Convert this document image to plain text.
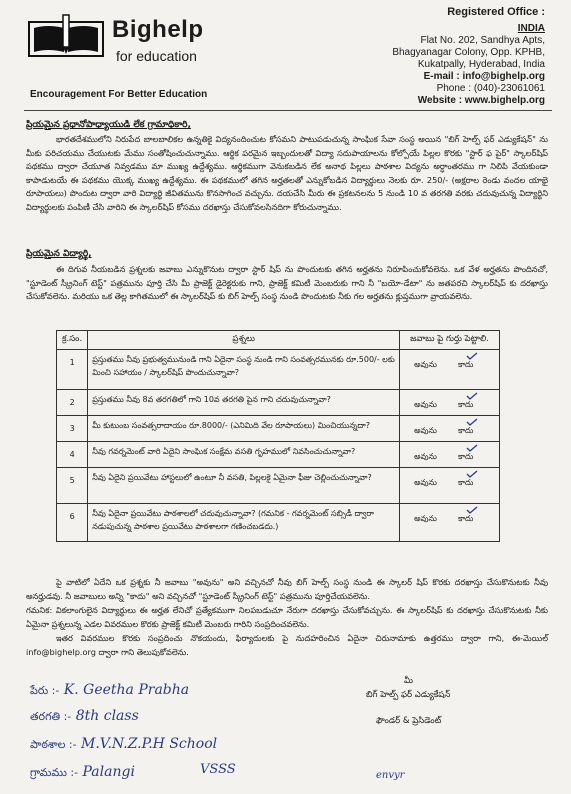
Bighelp
for education
Encouragement For Better Education
Registered Office :
INDIA
Flat No. 202, Sandhya Apts,
Bhagyanagar Colony, Opp. KPHB,
Kukatpally, Hyderabad, India
E-mail : info@bighelp.org
Phone : (040)-23061061
Website : www.bighelp.org
ప్రియమైన ప్రధానోపాధ్యాయుడి లేక గ్రామాధికారి,
భారతదేశములోని నిరుపేద బాలబాలికల ఉన్నతికై విద్యనందించుట కోసమని పాటుపడుచున్న సాంఘిక సేవా సంస్థ అయిన "బిగ్ హెల్ప్ ఫర్ ఎడ్యుకేషన్" ను మీకు పరిచయము చేయుటకు మేము సంతోషించుచున్నాము. ఆర్థిక పరమైన ఇబ్బందులతో విద్యా సదుపాయాలను కోల్పోయే పిల్లల కొరకు "స్టార్ ఫ పైర్" స్కాలర్‌షిప్ పథకము ద్వారా చేయూత నివ్వడము మా ముఖ్య ఉద్దేశ్యము. ఆర్థికముగా వెనుకబడిన లేక అనాథ పిల్లలు పాఠశాల విద్యను అర్ధాంతరము గా నిలిపి వేయకుండా కాపాడుటయే ఈ పథకము యొక్క ముఖ్య ఉద్దేశ్యము. ఈ పథకములో తగిన అర్హతలతో ఎన్నుకోబడిన విద్యార్థులు నెలకు రూ. 250/- (అక్షరాల రెండు వందల యాభై రూపాయలు) పొందుట ద్వారా వారి విద్యార్థి జీవితమును కొనసాగించ వచ్చును. దయచేసి మీరు ఈ ప్రకటనలను 5 నుండి 10 వ తరగతి వరకు చదువుచున్న విద్యార్థిని విద్యార్థులకు పంపిణీ చేసి వారిని ఈ స్కాలర్‌షిప్ కోసము దరఖాస్తు చేసుకోవలసినదిగా కోరుచున్నాము.
ప్రియమైన విద్యార్థి,
ఈ దిగువ నీయబడిన ప్రశ్నలకు జవాబు ఎన్నుకొనుట ద్వారా స్టార్ షిప్ ను పొందుటకు తగిన అర్హతను నిరూపించుకోవలెను. ఒక వేళ అర్హతను పొందినచో, "స్టూడెంట్ స్క్రీనింగ్ టెస్ట్" పత్రమును పూర్తి చేసి మీ ప్రాజెక్ట్ డైరెక్టరుకు గాని, ప్రాజెక్ట్ కమిటీ మెంబరుకు గాని నీ "బయో-డేటా" ను జతపరచి స్కాలర్‌షిప్ కు దరఖాస్తు చేసుకోవలెను. మరియు ఒక తెల్ల కాగితములో ఈ స్కాలర్‌షిప్ కు బిగ్ హెల్ప్ సంస్థ నుండి పొందుటకు నీకు గల అర్హతను క్లుప్తముగా వ్రాయవలెను.
క్ర.సం.	ప్రశ్నలు	జవాబు పై గుర్తు పెట్టాలి.
1	ప్రస్తుతము నీవు ప్రభుత్వమునుండి గాని ఏదైనా సంస్థ నుండి గాని సంవత్సరమునకు రూ.500/- లకు మించి సహాయం / స్కాలర్‌షిప్ పొందుచున్నావా?	అవును కాదు

2	ప్రస్తుతము నీవు 8వ తరగతిలో గాని 10వ తరగతి పైన గాని చదువుచున్నావా?	అవును కాదు

3	మీ కుటుంబ సంవత్సరాదాయం రూ.8000/- (ఎనిమిది వేల రూపాయలు) మించియున్నదా?	అవును కాదు

4	నీవు గవర్నమెంట్ వారి ఏదైని సాంఘిక సంక్షేమ వసతి గృహములో నివసించుచున్నావా?	అవును కాదు

5	నీవు ఏదైని ప్రయివేటు హాస్టలులో ఉంటూ నీ వసతి, పిల్లలకై ఏమైనా ఫీజు చెల్లించుచున్నావా?	అవును కాదు

6	నీవు ఏదైనా ప్రయివేటు పాఠశాలలో చదువుచున్నావా? (గమనిక - గవర్నమెంట్ సబ్సిడీ ద్వారా నడుపుచున్న పాఠశాల ప్రయివేటు పాఠశాలగా గణించబడదు.)	అవును కాదు
పై వాటిలో ఏదేని ఒక ప్రశ్నకు నీ జవాబు "అవును" అని వచ్చినచో నీవు బిగ్ హెల్ప్ సంస్థ నుండి ఈ స్కాలర్ షిప్ కొరకు దరఖాస్తు చేసుకొనుటకు నీవు అనర్హుడవు. నీ జవాబులు అన్ని "కాదు" అని వచ్చినచో "స్టూడెంట్ స్క్రీనింగ్ టెస్ట్" పత్రమును పూర్తిచేయవలెను.
గమనిక: వికలాంగులైన విద్యార్థులు ఈ అర్హత లేనిచో ప్రత్యేకముగా నిలపబడుచూ నేరుగా దరఖాస్తు చేసుకోవచ్చును. ఈ స్కాలర్‌షిప్ కు దరఖాస్తు చేసుకొనుటకు నీకు ఏమైనా ప్రశ్నలున్న ఎడల వివరముల కొరకు ప్రాజెక్ట్ కమిటీ మెంబరు గారిని సంప్రదించవలెను.
ఇతర వివరముల కొరకు సంప్రదించు నొకయందు, ఫిర్యాదులకు పై నుదహరించిన ఏదైనా చిరునామాకు ఉత్తరము ద్వారా గాని, ఈ-మెయిల్ info@bighelp.org ద్వారా గాని తెలుపుకోవలెను.
పేరు :- K. Geetha Prabha
తరగతి :- 8th class
పాఠశాల :- M.V.N.Z.P.H School
గ్రామము :- Palangi	VSSS	envyr
మీ
బిగ్ హెల్ప్ ఫర్ ఎడ్యుకేషన్
ఫౌండర్ & ప్రెసిడెంట్
